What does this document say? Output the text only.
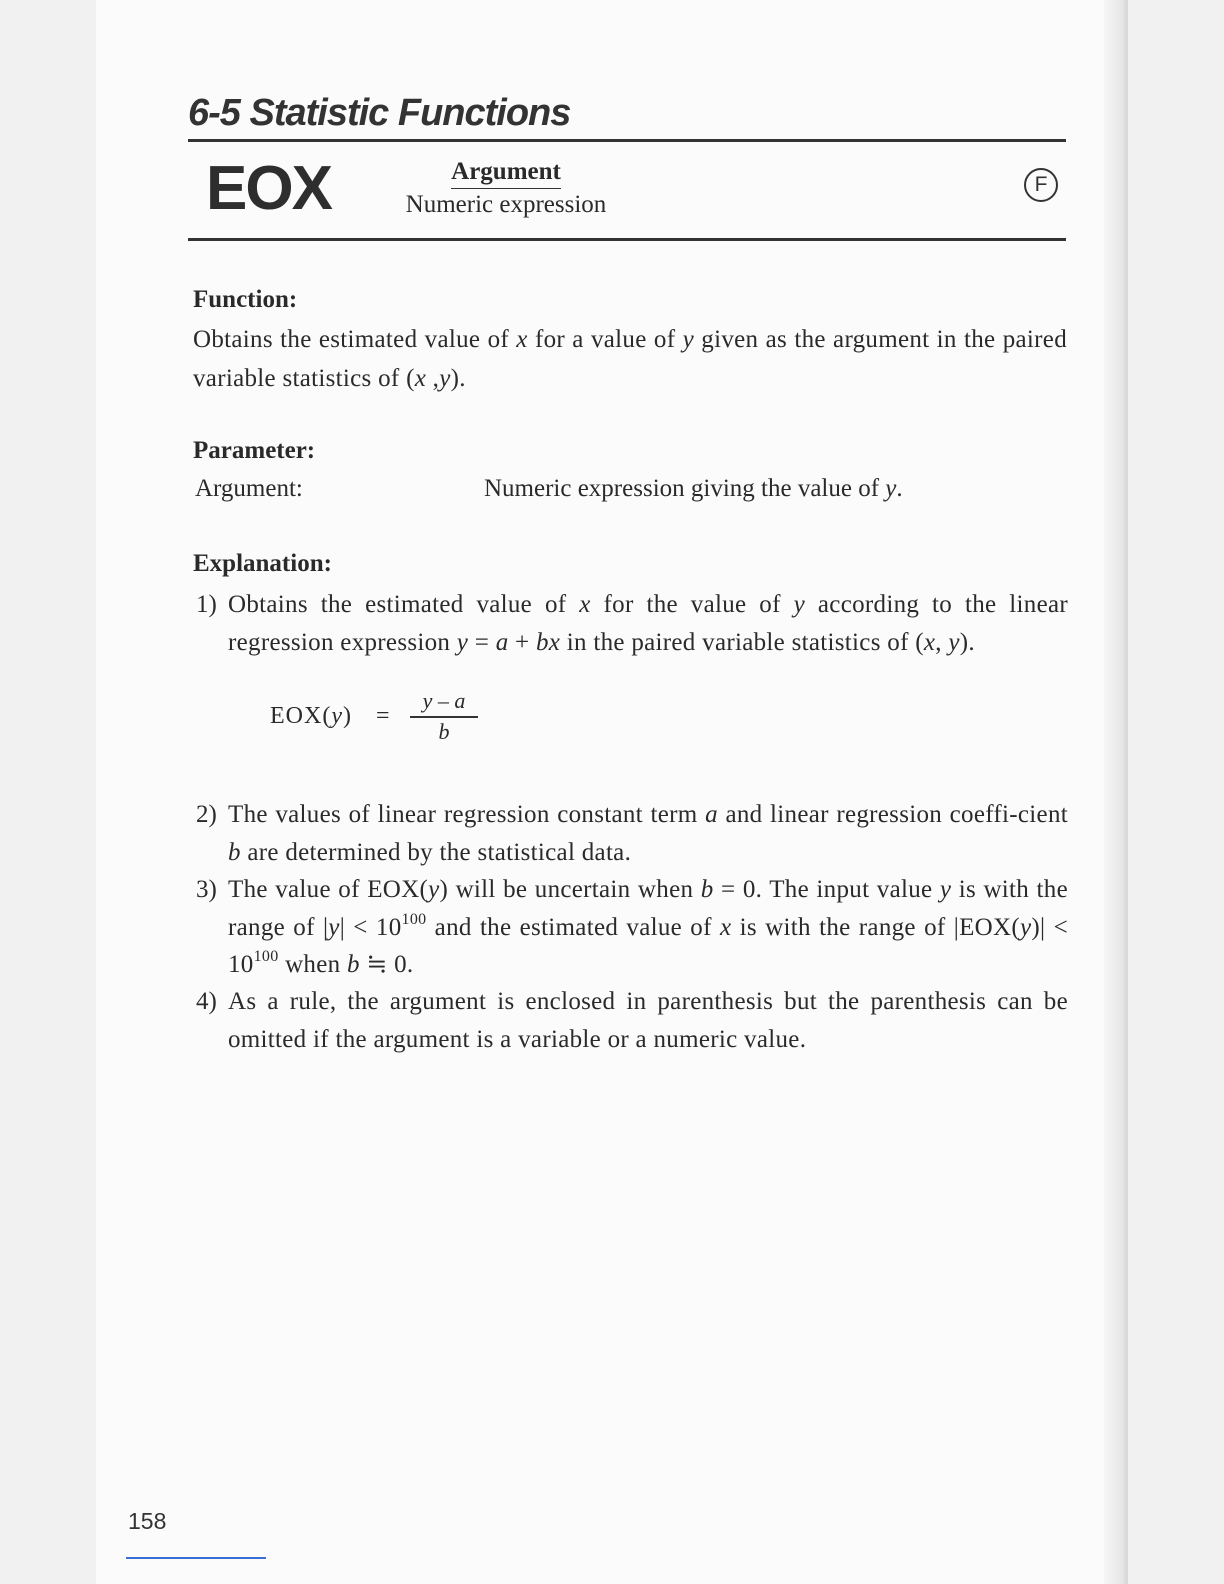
6-5 Statistic Functions
EOX	Argument
Numeric expression
F
Function:
Obtains the estimated value of x for a value of y given as the argument in the paired variable statistics of (x ,y).
Parameter:
Argument:	Numeric expression giving the value of y.
Explanation:
1) Obtains the estimated value of x for the value of y according to the linear regression expression y = a + bx in the paired variable statistics of (x, y).
EOX(y) =
y – a
b
2) The values of linear regression constant term a and linear regression coeffi-cient b are determined by the statistical data.
3) The value of EOX(y) will be uncertain when b = 0. The input value y is with the range of $|y| < 10^{100}$ and the estimated value of x is with the range of $|EOX(y)| < 10^{100}$ when b ≒ 0.
4) As a rule, the argument is enclosed in parenthesis but the parenthesis can be omitted if the argument is a variable or a numeric value.
158
